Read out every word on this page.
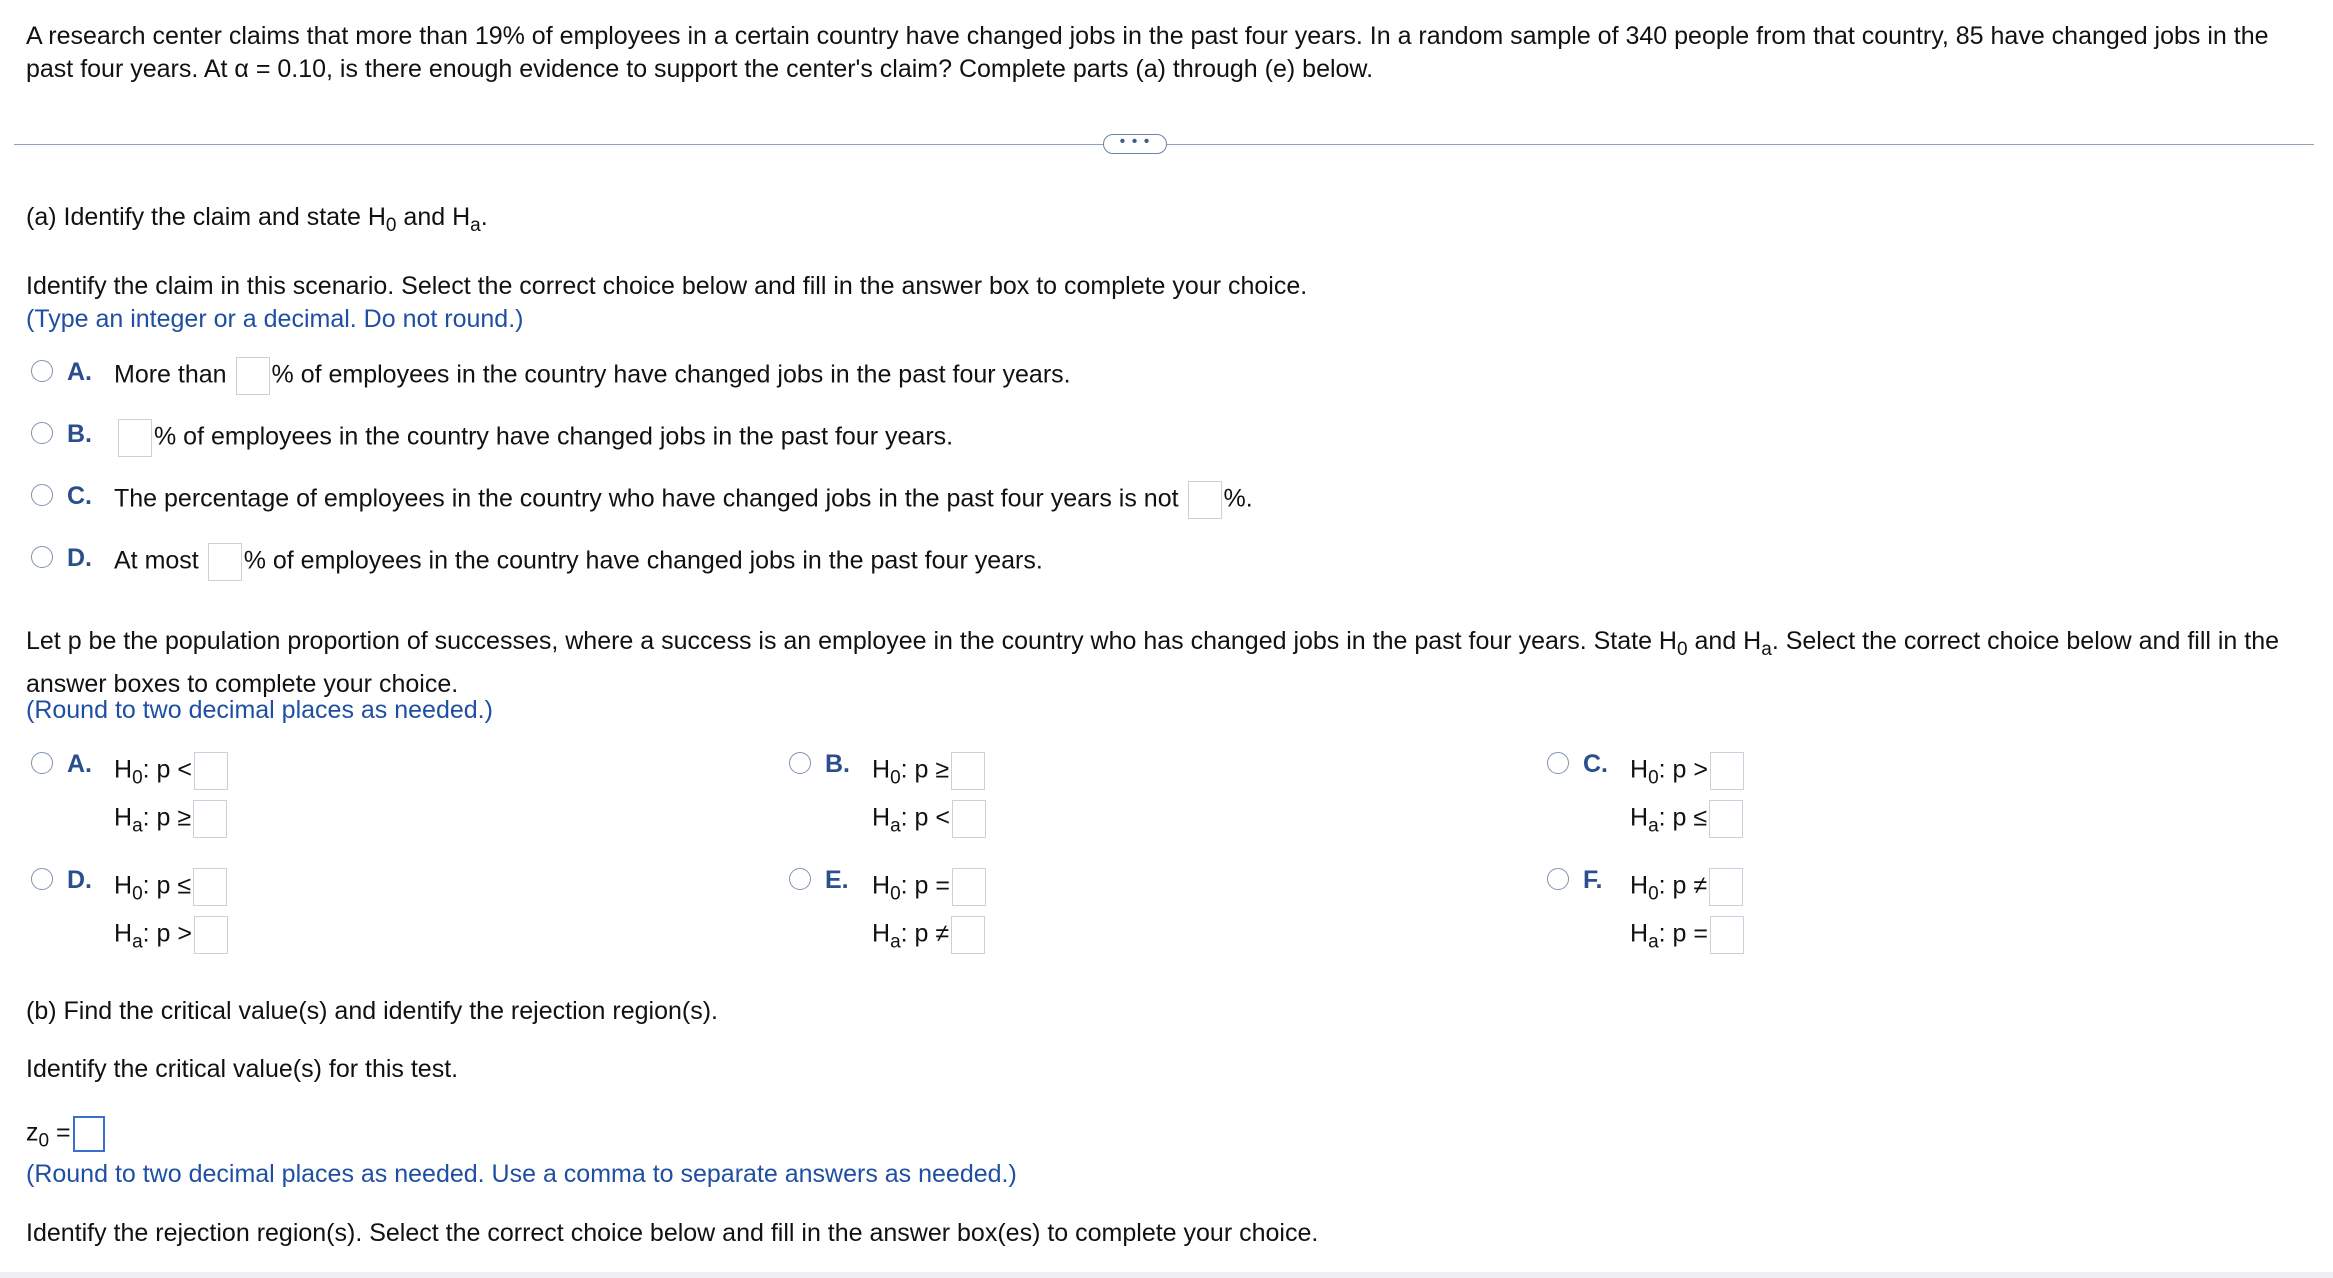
A research center claims that more than 19% of employees in a certain country have changed jobs in the past four years. In a random sample of 340 people from that country, 85 have changed jobs in the past four years. At α = 0.10, is there enough evidence to support the center's claim? Complete parts (a) through (e) below.
• • •
(a) Identify the claim and state $H_0$ and $H_a$.
Identify the claim in this scenario. Select the correct choice below and fill in the answer box to complete your choice.
(Type an integer or a decimal. Do not round.)
A. More than % of employees in the country have changed jobs in the past four years.
B.	% of employees in the country have changed jobs in the past four years.
C. The percentage of employees in the country who have changed jobs in the past four years is not %.
D. At most % of employees in the country have changed jobs in the past four years.
Let p be the population proportion of successes, where a success is an employee in the country who has changed jobs in the past four years. State $H_0$ and $H_a$. Select the correct choice below and fill in the answer boxes to complete your choice.
(Round to two decimal places as needed.)
A. $H_0$: p <
$H_a$: p ≥
B. $H_0$: p ≥
$H_a$: p <
C. $H_0$: p >
$H_a$: p ≤
D. $H_0$: p ≤
$H_a$: p >
E. $H_0$: p =
$H_a$: p ≠
F. $H_0$: p ≠
$H_a$: p =
(b) Find the critical value(s) and identify the rejection region(s).
Identify the critical value(s) for this test.
$z_0$ =
(Round to two decimal places as needed. Use a comma to separate answers as needed.)
Identify the rejection region(s). Select the correct choice below and fill in the answer box(es) to complete your choice.
